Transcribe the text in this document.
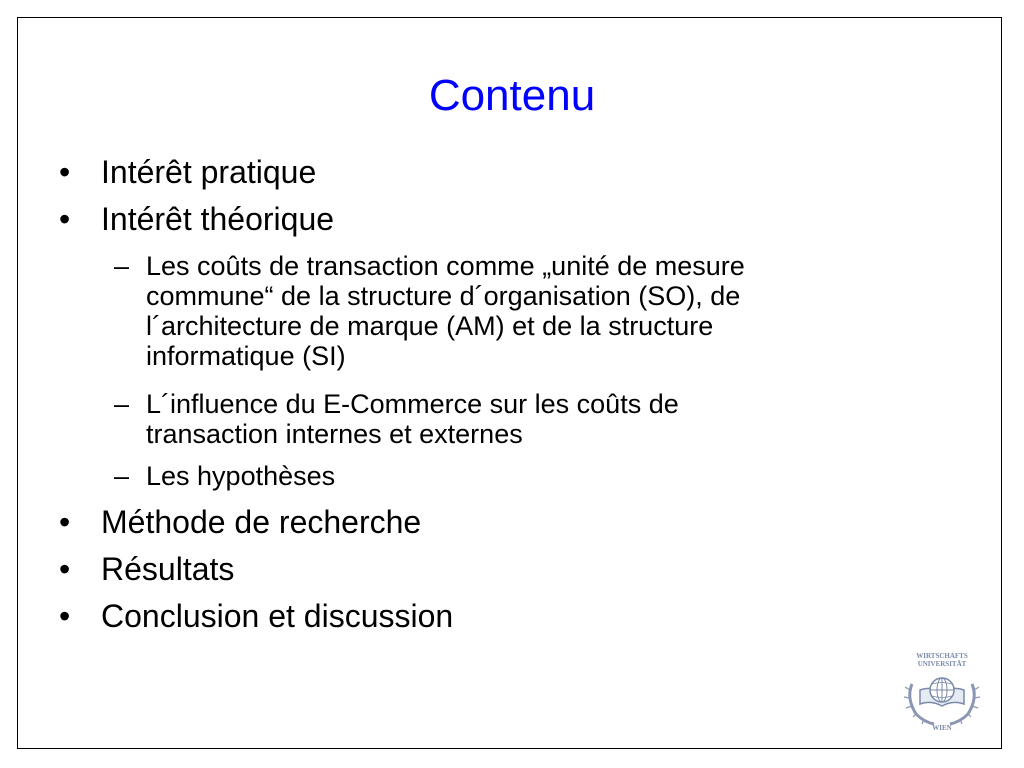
Contenu
• Intérêt pratique
• Intérêt théorique
– Les coûts de transaction comme „unité de mesure
commune“ de la structure d´organisation (SO), de
l´architecture de marque (AM) et de la structure
informatique (SI)
– L´influence du E-Commerce sur les coûts de
transaction internes et externes
– Les hypothèses
• Méthode de recherche
• Résultats
• Conclusion et discussion
WIRTSCHAFTS
UNIVERSITÄT
WIEN
